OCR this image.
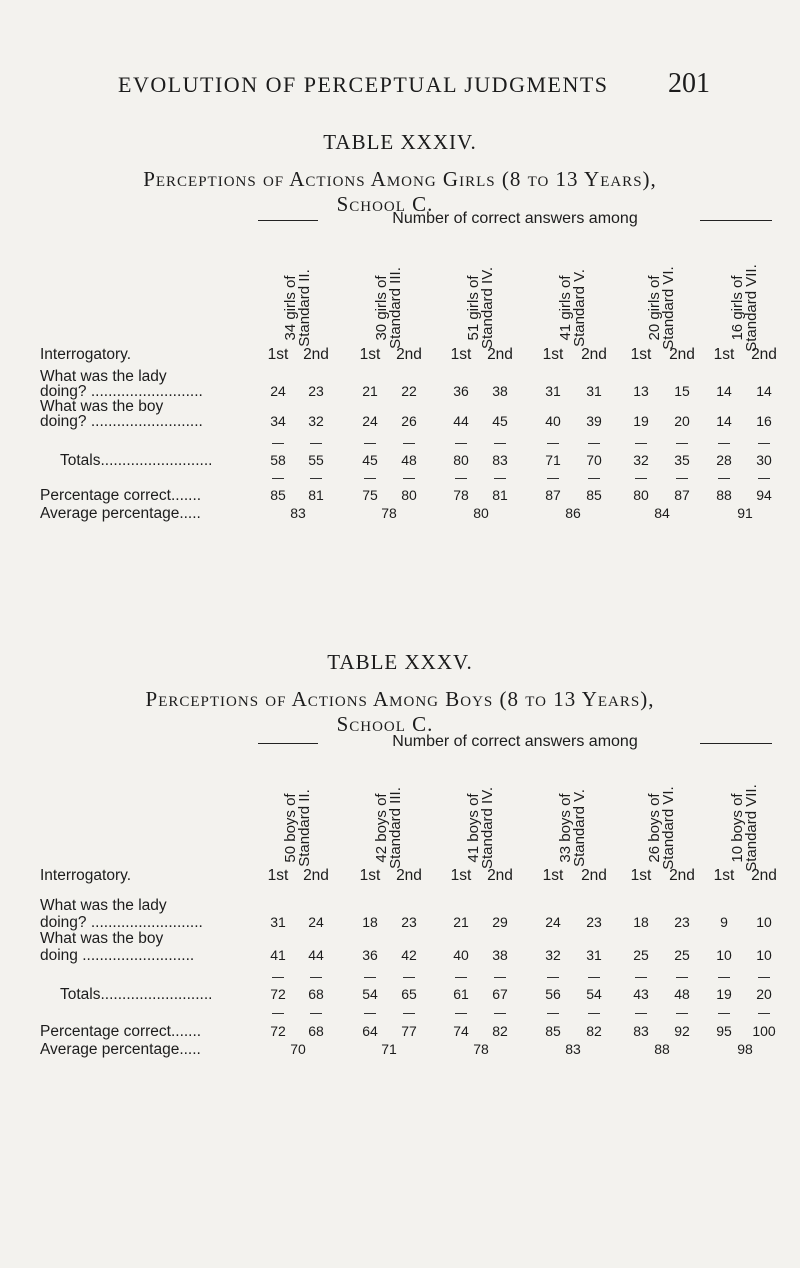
EVOLUTION OF PERCEPTUAL JUDGMENTS 201
TABLE XXXIV.
Perceptions of Actions Among Girls (8 to 13 Years),
School C.
Number of correct answers among
34 girls of
Standard II.	30 girls of
Standard III.	51 girls of
Standard IV.	41 girls of
Standard V.	20 girls of
Standard VI.	16 girls of
Standard VII.
Interrogatory.	1st 2nd	1st	2nd	1st	2nd	1st	2nd	1st	2nd	1st	2nd
What was the lady
doing? ..........................	24	23	21	22	36	38	31	31	13	15	14	14
What was the boy
doing? ..........................	34	32	24	26	44	45	40	39	19	20	14	16
Totals..........................	58	55	45	48	80	83	71	70	32	35	28	30
Percentage correct.......	85	81	75	80	78	81	87	85	80	87	88	94
Average percentage.....	83	78	80	86	84	91
TABLE XXXV.
Perceptions of Actions Among Boys (8 to 13 Years),
School C.
Number of correct answers among
50 boys of
Standard II.	42 boys of
Standard III.	41 boys of
Standard IV.	33 boys of
Standard V.	26 boys of
Standard VI.	10 boys of
Standard VII.
Interrogatory.	1st 2nd	1st	2nd	1st	2nd	1st	2nd	1st	2nd	1st	2nd
What was the lady
doing? ..........................	31	24	18	23	21	29	24	23	18	23	9	10
What was the boy
doing ..........................	41	44	36	42	40	38	32	31	25	25	10	10
Totals..........................	72	68	54	65	61	67	56	54	43	48	19	20
Percentage correct.......	72	68	64	77	74	82	85	82	83	92	95	100
Average percentage.....	70	71	78	83	88	98
